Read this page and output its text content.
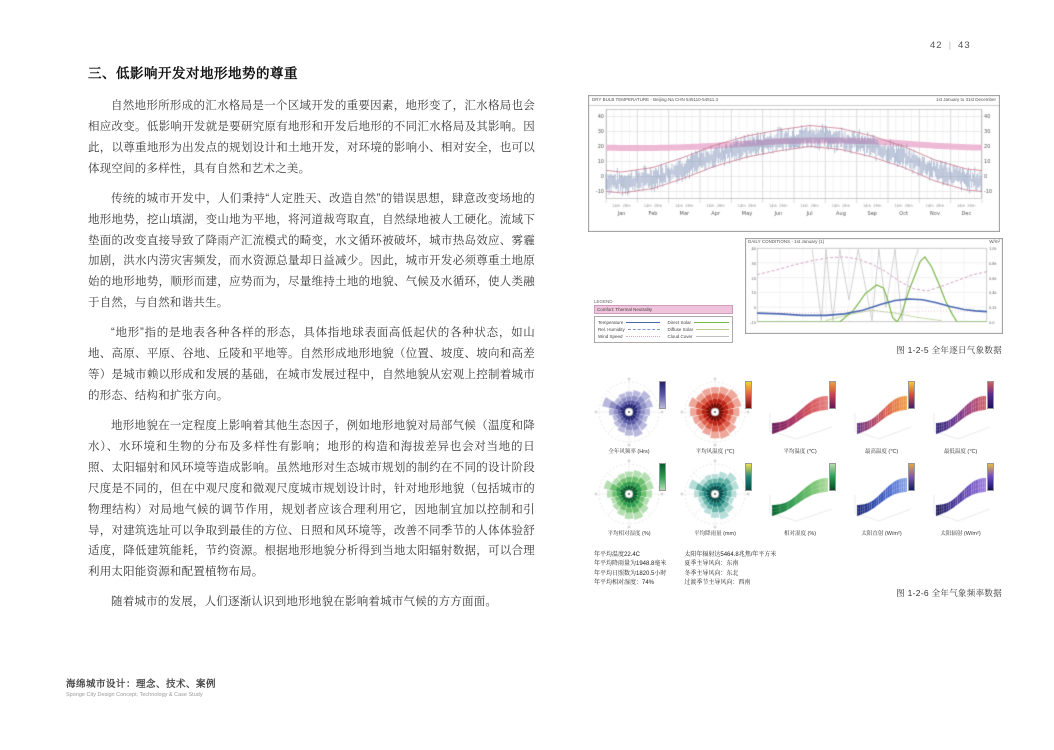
42 | 43
三、低影响开发对地形地势的尊重

自然地形所形成的汇水格局是一个区域开发的重要因素，地形变了，汇水格局也会相应改变。低影响开发就是要研究原有地形和开发后地形的不同汇水格局及其影响。因此，以尊重地形为出发点的规划设计和土地开发，对环境的影响小、相对安全，也可以体现空间的多样性，具有自然和艺术之美。

传统的城市开发中，人们秉持“人定胜天、改造自然”的错误思想，肆意改变场地的地形地势，挖山填湖，变山地为平地，将河道裁弯取直，自然绿地被人工硬化。流域下垫面的改变直接导致了降雨产汇流模式的畸变，水文循环被破坏，城市热岛效应、雾霾加剧，洪水内涝灾害频发，而水资源总量却日益减少。因此，城市开发必须尊重土地原始的地形地势，顺形而建，应势而为，尽量维持土地的地貌、气候及水循环，使人类融于自然，与自然和谐共生。

“地形”指的是地表各种各样的形态，具体指地球表面高低起伏的各种状态，如山地、高原、平原、谷地、丘陵和平地等。自然形成地形地貌（位置、坡度、坡向和高差等）是城市赖以形成和发展的基础，在城市发展过程中，自然地貌从宏观上控制着城市的形态、结构和扩张方向。

地形地貌在一定程度上影响着其他生态因子，例如地形地貌对局部气候（温度和降水）、水环境和生物的分布及多样性有影响；地形的构造和海拔差异也会对当地的日照、太阳辐射和风环境等造成影响。虽然地形对生态城市规划的制约在不同的设计阶段尺度是不同的，但在中观尺度和微观尺度城市规划设计时，针对地形地貌（包括城市的物理结构）对局地气候的调节作用，规划者应该合理利用它，因地制宜加以控制和引导，对建筑选址可以争取到最佳的方位、日照和风环境等，改善不同季节的人体体验舒适度，降低建筑能耗，节约资源。根据地形地貌分析得到当地太阳辐射数据，可以合理利用太阳能资源和配置植物布局。

随着城市的发展，人们逐渐认识到地形地貌在影响着城市气候的方方面面。

DRY BULB TEMPERATURE - Beijing.Na CHN 545110-54511.3	1st January to 31st December
LEGEND
Comfort: Thermal Neutrality
Temperature
Rel. Humidity
Wind Speed
Direct Solar
Diffuse Solar
Cloud Cover
DAILY CONDITIONS - 1st January (1)	W/m²
图 1-2-5 全年逐日气象数据
全年风频率 (Hrs)	平均风温度 (℃)	平均温度 (℃)	最高温度 (℃)	最低温度 (℃)
平均相对湿度 (%)	平均降雨量 (mm)	相对湿度 (%)	太阳直射 (W/m²)	太阳辐射 (W/m²)
年平均温度22.4C
年平均降雨量为1948.8毫米
年平均日照数为1820.5小时
年平均相对湿度：74%
太阳年辐射达5464.8兆焦/年平方米
夏季主导风向：东南
冬季主导风向：东北
过渡季节主导风向：西南
图 1-2-6 全年气象频率数据
海绵城市设计：理念、技术、案例
Sponge City Design Concept, Technology & Case Study
